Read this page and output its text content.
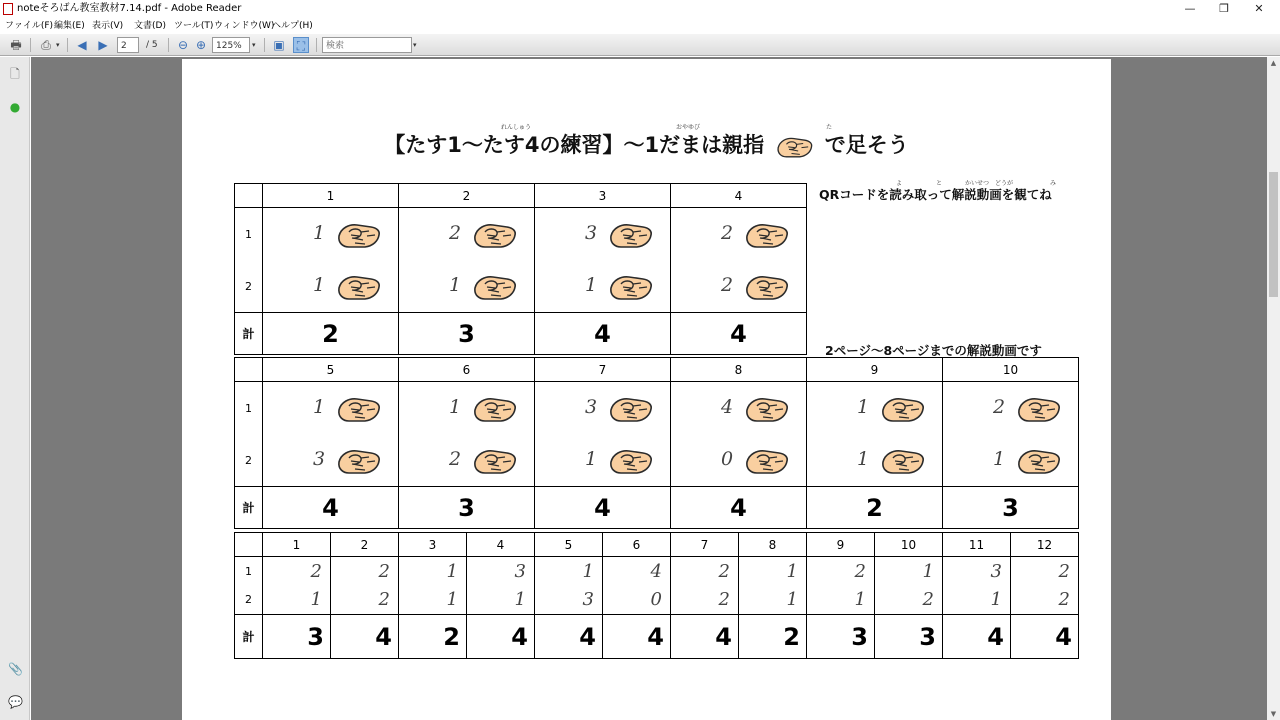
noteそろばん教室教材7.14.pdf - Adobe Reader	—	❐	✕
ファイル(F) 編集(E) 表示(V) 文書(D) ツール(T) ウィンドウ(W)
ヘルプ(H)
🖶 ⎙ ▾ ◀ ▶	2	/ 5 ⊖ ⊕	125%	▾ ▣	⛶	検索	▾
🗋
●
📎
💬
▲
▼
れんしゅう	おやゆび	た
【たす1～たす4の練習】～1だまは親指	で足そう
よ	と	かいせつ どうが	み
QRコードを読み取って解説動画を観てね
2ページ～8ページまでの解説動画です
	1	2	3	4
1	1	2	3	2

2	1	1	1	2

計	2	3	4	4
	5	6	7	8	9	10
1	1	1	3	4	1	2

2	3	2	1	0	1	1

計	4	3	4	4	2	3
	1	2	3	4	5	6	7	8	9	10	11	12
1	2	2	1	3	1	4	2	1	2	1	3	2
2	1	2	1	1	3	0	2	1	1	2	1	2
計	3	4	2	4	4	4	4	2	3	3	4	4
